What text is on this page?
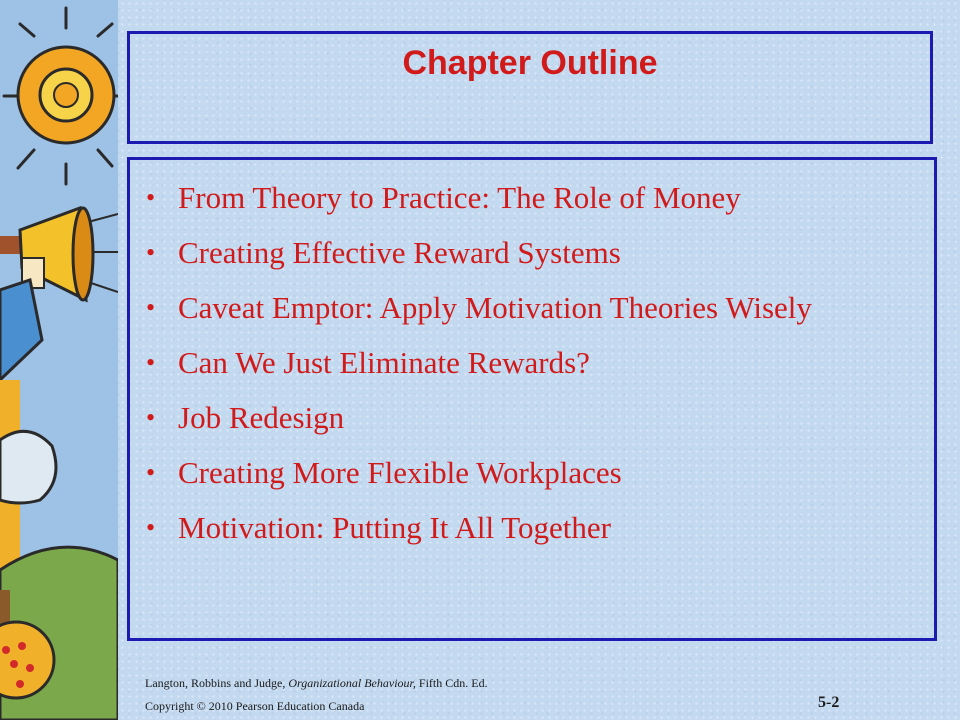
Chapter Outline
• From Theory to Practice: The Role of Money
• Creating Effective Reward Systems
• Caveat Emptor: Apply Motivation Theories Wisely
• Can We Just Eliminate Rewards?
• Job Redesign
• Creating More Flexible Workplaces
• Motivation: Putting It All Together
Langton, Robbins and Judge, Organizational Behaviour, Fifth Cdn. Ed.
Copyright © 2010 Pearson Education Canada	5-2
